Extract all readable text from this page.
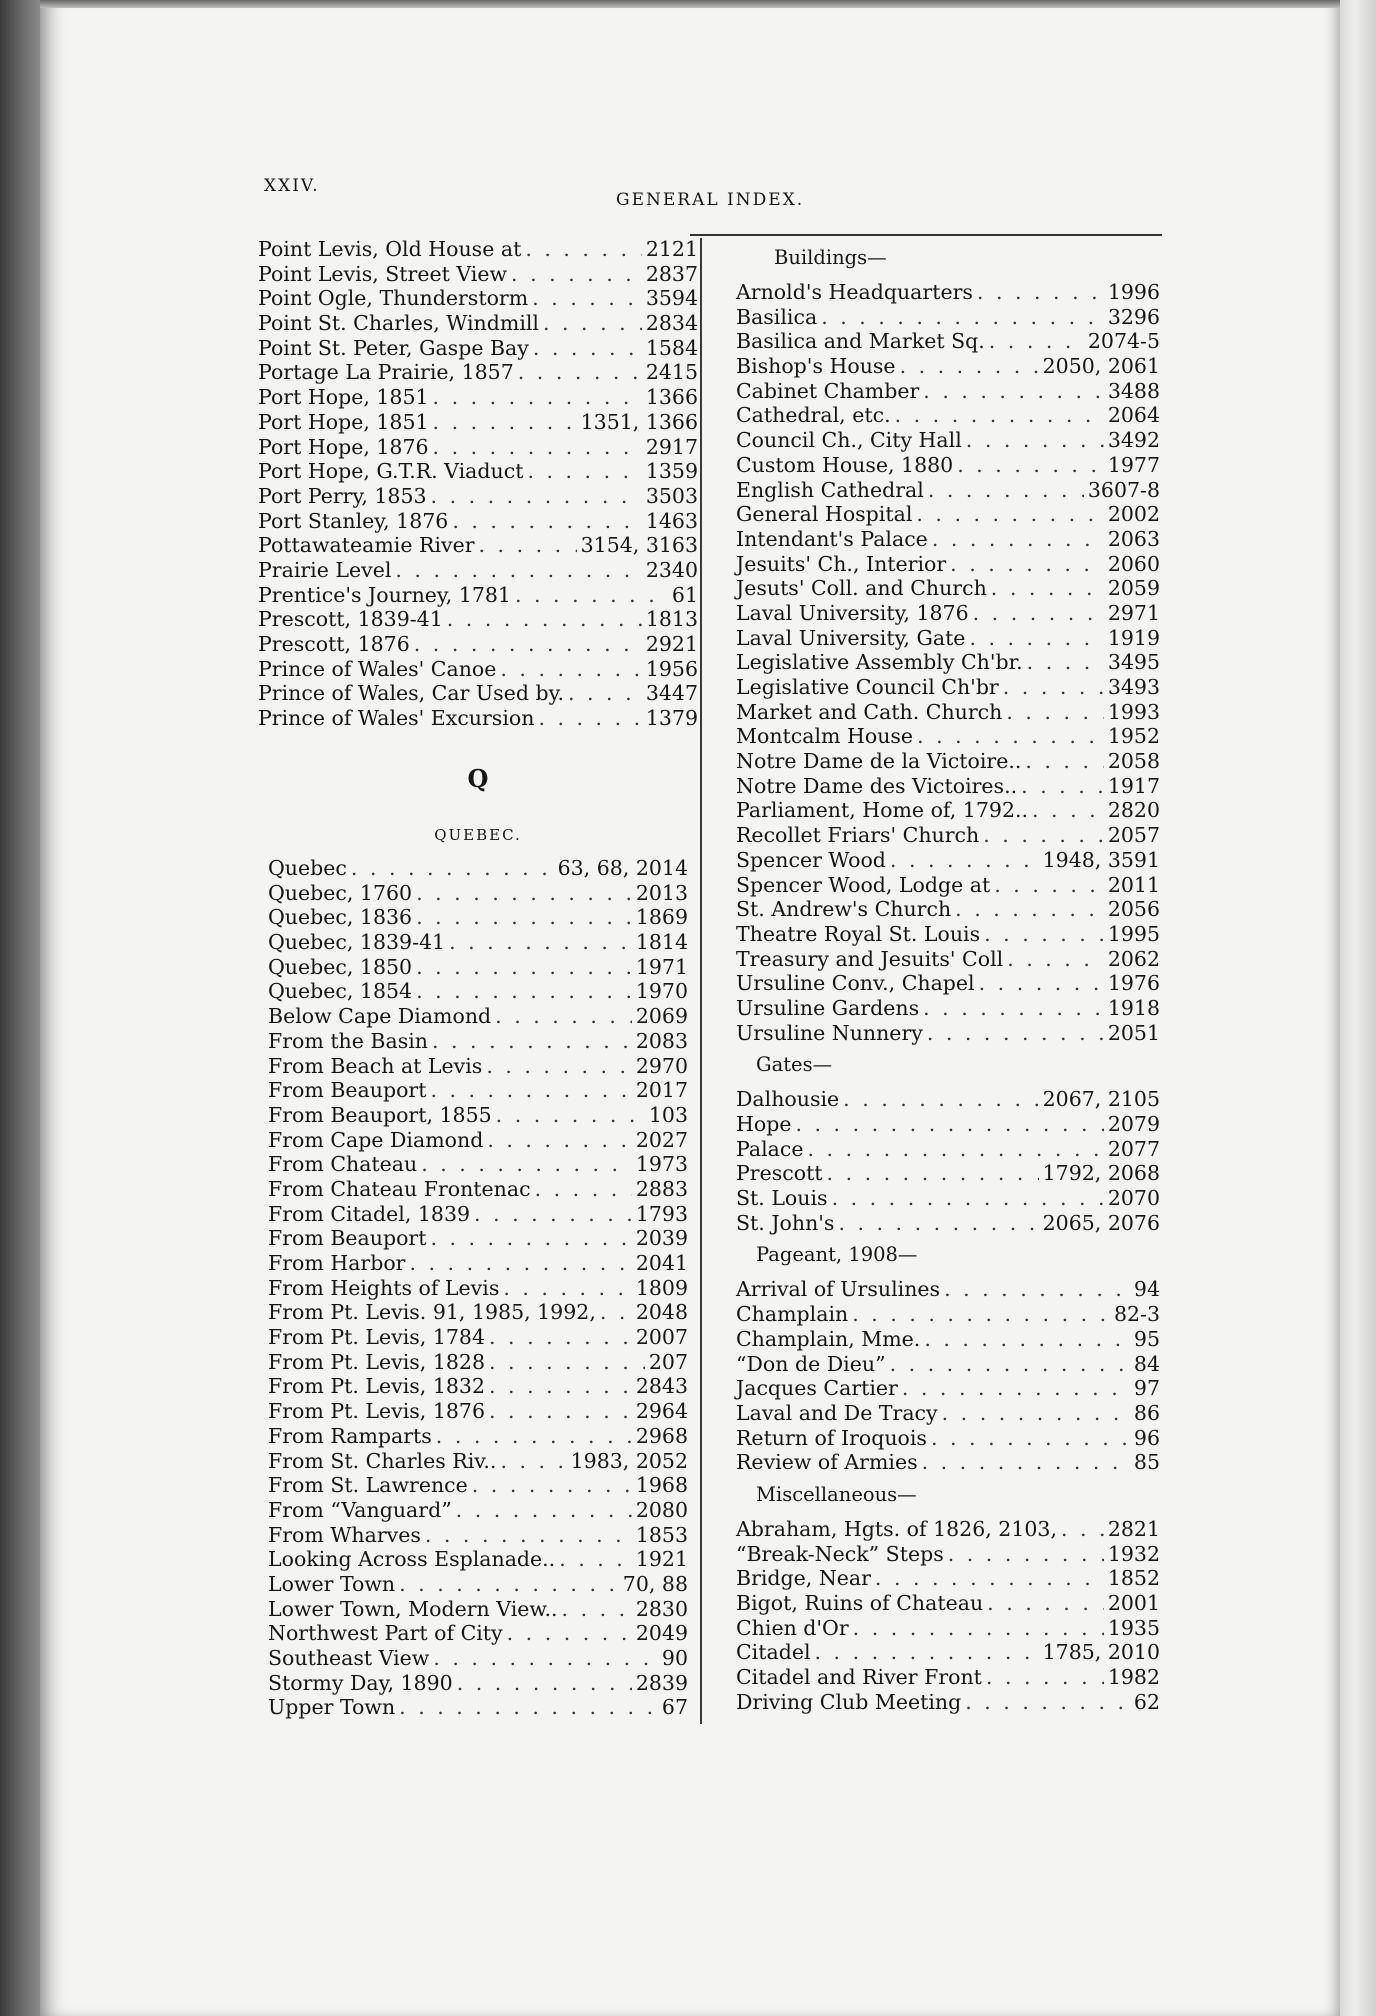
XXIV.
GENERAL INDEX.
Point Levis, Old House at . . .	2121
Point Levis, Street View . . .	2837
Point Ogle, Thunderstorm . . .	3594
Point St. Charles, Windmill . . .	2834
Point St. Peter, Gaspe Bay . . .	1584
Portage La Prairie, 1857 . . .	2415
Port Hope, 1851 . . .	1366
Port Hope, 1851 . . .	1351, 1366
Port Hope, 1876 . . .	2917
Port Hope, G.T.R. Viaduct . . .	1359
Port Perry, 1853 . . .	3503
Port Stanley, 1876 . . .	1463
Pottawateamie River . . .	3154, 3163
Prairie Level . . .	2340
Prentice's Journey, 1781 . . .	61
Prescott, 1839-41 . . .	1813
Prescott, 1876 . . .	2921
Prince of Wales' Canoe . . .	1956
Prince of Wales, Car Used by. . . .	3447
Prince of Wales' Excursion . . .	1379
Q
QUEBEC.
Quebec . . .	63, 68, 2014
Quebec, 1760 . . .	2013
Quebec, 1836 . . .	1869
Quebec, 1839-41 . . .	1814
Quebec, 1850 . . .	1971
Quebec, 1854 . . .	1970
Below Cape Diamond . . .	2069
From the Basin . . .	2083
From Beach at Levis . . .	2970
From Beauport . . .	2017
From Beauport, 1855 . . .	103
From Cape Diamond . . .	2027
From Chateau . . .	1973
From Chateau Frontenac . . .	2883
From Citadel, 1839 . . .	1793
From Beauport . . .	2039
From Harbor . . .	2041
From Heights of Levis . . .	1809
From Pt. Levis. 91, 1985, 1992, . . . 2048
From Pt. Levis, 1784 . . .	2007
From Pt. Levis, 1828 . . .	207
From Pt. Levis, 1832 . . .	2843
From Pt. Levis, 1876 . . .	2964
From Ramparts . . .	2968
From St. Charles Riv.. . . .	1983, 2052
From St. Lawrence . . .	1968
From “Vanguard” . . .	2080
From Wharves . . .	1853
Looking Across Esplanade.. . . .	1921
Lower Town . . .	70, 88
Lower Town, Modern View.. . . .	2830
Northwest Part of City . . .	2049
Southeast View . . .	90
Stormy Day, 1890 . . .	2839
Upper Town . . .	67
Buildings—
Arnold's Headquarters . . .	1996
Basilica . . .	3296
Basilica and Market Sq. . . .	2074-5
Bishop's House . . .	2050, 2061
Cabinet Chamber . . .	3488
Cathedral, etc. . . .	2064
Council Ch., City Hall . . .	3492
Custom House, 1880 . . .	1977
English Cathedral . . .	3607-8
General Hospital . . .	2002
Intendant's Palace . . .	2063
Jesuits' Ch., Interior . . .	2060
Jesuts' Coll. and Church . . .	2059
Laval University, 1876 . . .	2971
Laval University, Gate . . .	1919
Legislative Assembly Ch'br. . . .	3495
Legislative Council Ch'br . . .	3493
Market and Cath. Church . . .	1993
Montcalm House . . .	1952
Notre Dame de la Victoire.. . . .	2058
Notre Dame des Victoires.. . . .	1917
Parliament, Home of, 1792.. . . .	2820
Recollet Friars' Church . . .	2057
Spencer Wood . . .	1948, 3591
Spencer Wood, Lodge at . . .	2011
St. Andrew's Church . . .	2056
Theatre Royal St. Louis . . .	1995
Treasury and Jesuits' Coll . . .	2062
Ursuline Conv., Chapel . . .	1976
Ursuline Gardens . . .	1918
Ursuline Nunnery . . .	2051
Gates—
Dalhousie . . .	2067, 2105
Hope . . .	2079
Palace . . .	2077
Prescott . . .	1792, 2068
St. Louis . . .	2070
St. John's . . .	2065, 2076
Pageant, 1908—
Arrival of Ursulines . . .	94
Champlain . . .	82-3
Champlain, Mme. . . .	95
“Don de Dieu” . . .	84
Jacques Cartier . . .	97
Laval and De Tracy . . .	86
Return of Iroquois . . .	96
Review of Armies . . .	85
Miscellaneous—
Abraham, Hgts. of 1826, 2103, . . . 2821
“Break-Neck” Steps . . .	1932
Bridge, Near . . .	1852
Bigot, Ruins of Chateau . . .	2001
Chien d'Or . . .	1935
Citadel . . .	1785, 2010
Citadel and River Front . . .	1982
Driving Club Meeting . . .	62
